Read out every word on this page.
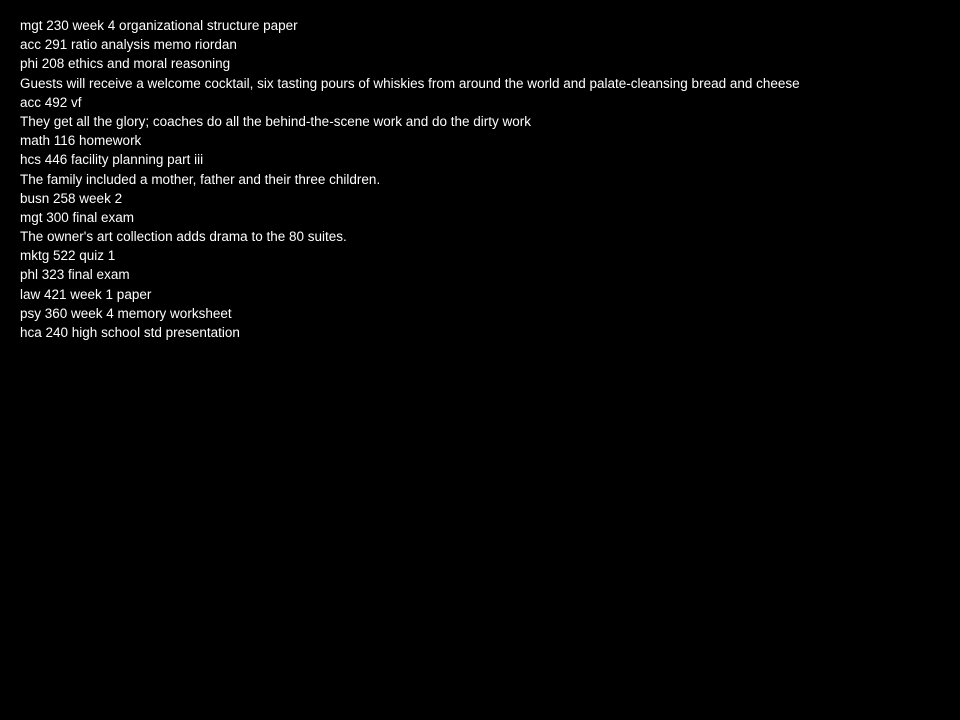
mgt 230 week 4 organizational structure paper
acc 291 ratio analysis memo riordan
phi 208 ethics and moral reasoning
Guests will receive a welcome cocktail, six tasting pours of whiskies from around the world and palate-cleansing bread and cheese
acc 492 vf
They get all the glory; coaches do all the behind-the-scene work and do the dirty work
math 116 homework
hcs 446 facility planning part iii
The family included a mother, father and their three children.
busn 258 week 2
mgt 300 final exam
The owner's art collection adds drama to the 80 suites.
mktg 522 quiz 1
phl 323 final exam
law 421 week 1 paper
psy 360 week 4 memory worksheet
hca 240 high school std presentation
